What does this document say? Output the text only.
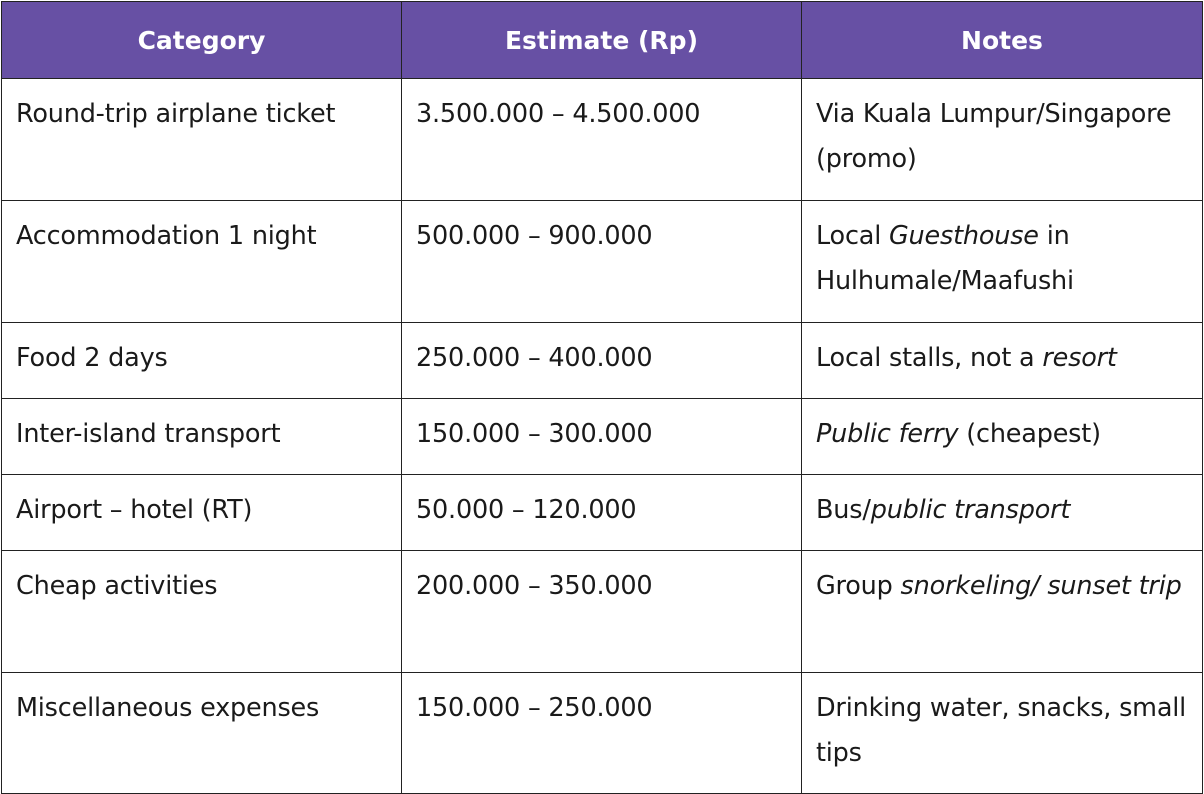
Category	Estimate (Rp)	Notes
Round-trip airplane ticket	3.500.000 – 4.500.000	Via Kuala Lumpur/Singapore (promo)
Accommodation 1 night	500.000 – 900.000	Local Guesthouse in Hulhumale/Maafushi
Food 2 days	250.000 – 400.000	Local stalls, not a resort
Inter-island transport	150.000 – 300.000	Public ferry (cheapest)
Airport – hotel (RT)	50.000 – 120.000	Bus/public transport
Cheap activities	200.000 – 350.000	Group snorkeling/ sunset trip
Miscellaneous expenses	150.000 – 250.000	Drinking water, snacks, small tips
